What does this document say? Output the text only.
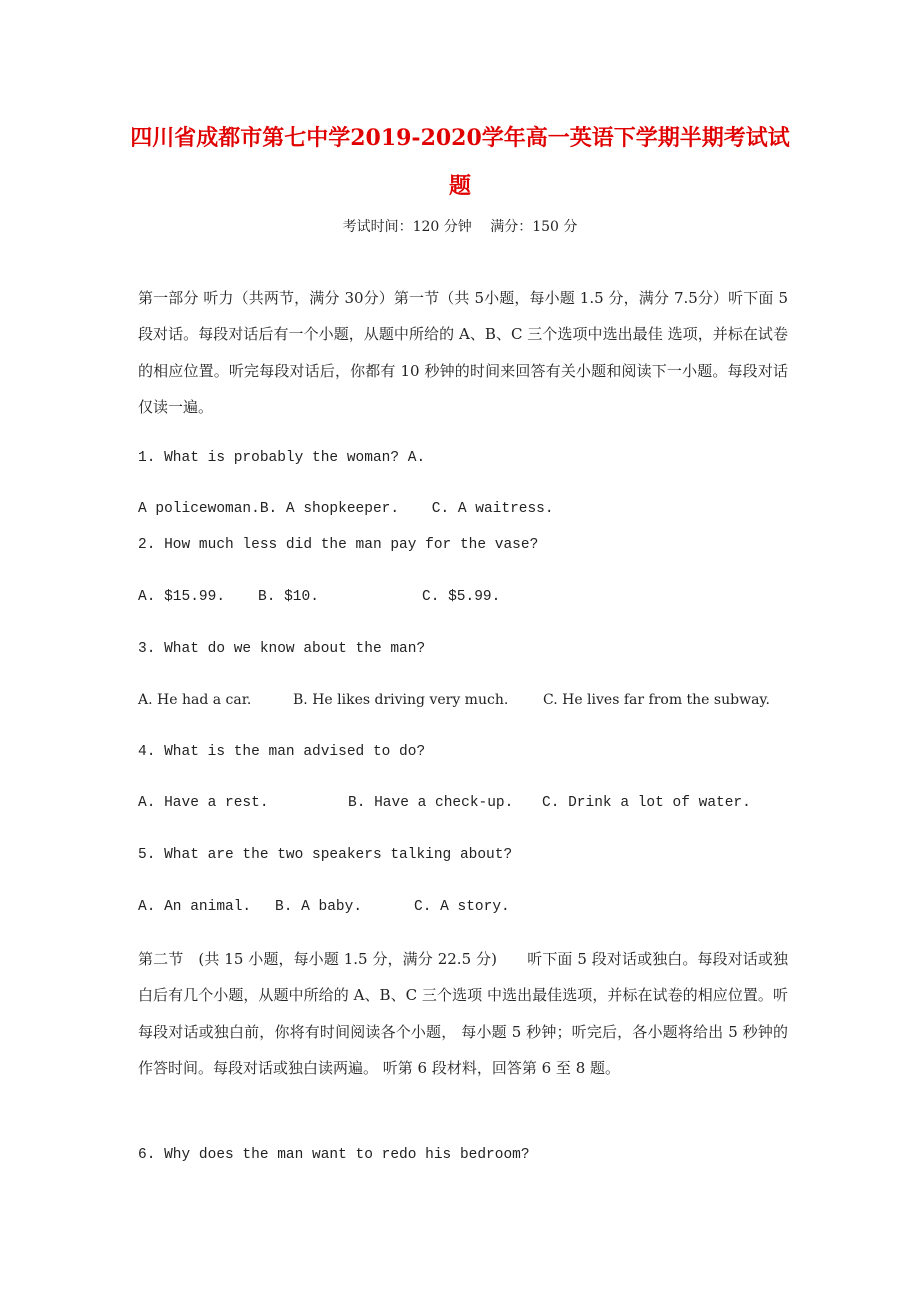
四川省成都市第七中学2019-2020学年高一英语下学期半期考试试
题
考试时间：120 分钟　 满分：150 分
第一部分 听力（共两节，满分 30分）第一节（共 5小题，每小题 1.5 分，满分 7.5分）听下面 5 段对话。每段对话后有一个小题，从题中所给的 A、B、C 三个选项中选出最佳 选项，并标在试卷的相应位置。听完每段对话后，你都有 10 秒钟的时间来回答有关小题和阅读下一小题。每段对话仅读一遍。
1. What is probably the woman? A.
A policewoman.B. A shopkeeper. C. A waitress.
2. How much less did the man pay for the vase?
A. $15.99. B. $10.	C. $5.99.
3. What do we know about the man?
A. He had a car.	B. He likes driving very much. C. He lives far from the subway.
4. What is the man advised to do?
A. Have a rest.	B. Have a check-up. C. Drink a lot of water.
5. What are the two speakers talking about?
A. An animal. B. A baby.	C. A story.
第二节　(共 15 小题，每小题 1.5 分，满分 22.5 分)　　听下面 5 段对话或独白。每段对话或独白后有几个小题，从题中所给的 A、B、C 三个选项 中选出最佳选项，并标在试卷的相应位置。听每段对话或独白前，你将有时间阅读各个小题， 每小题 5 秒钟；听完后，各小题将给出 5 秒钟的作答时间。每段对话或独白读两遍。 听第 6 段材料，回答第 6 至 8 题。
6. Why does the man want to redo his bedroom?
